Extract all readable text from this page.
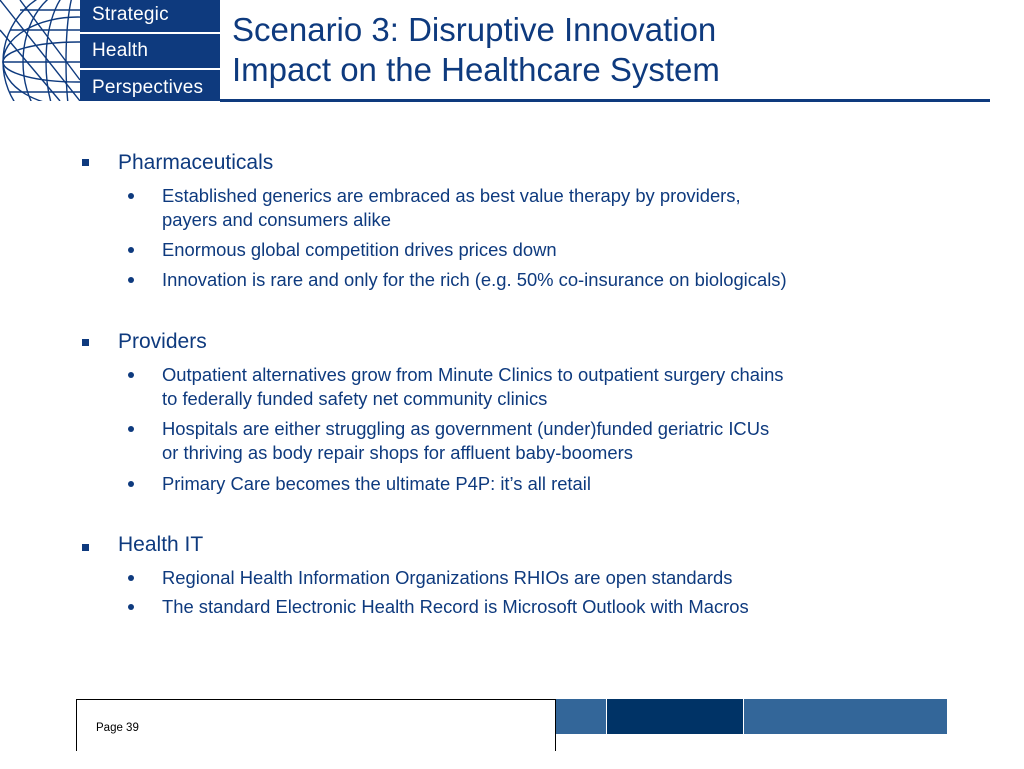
Strategic
Health
Perspectives
Scenario 3: Disruptive Innovation
Impact on the Healthcare System
Pharmaceuticals
Established generics are embraced as best value therapy by providers,
payers and consumers alike
Enormous global competition drives prices down
Innovation is rare and only for the rich (e.g. 50% co-insurance on biologicals)
Providers
Outpatient alternatives grow from Minute Clinics to outpatient surgery chains
to federally funded safety net community clinics
Hospitals are either struggling as government (under)funded geriatric ICUs
or thriving as body repair shops for affluent baby-boomers
Primary Care becomes the ultimate P4P: it’s all retail
Health IT
Regional Health Information Organizations RHIOs are open standards
The standard Electronic Health Record is Microsoft Outlook with Macros
Page 39
